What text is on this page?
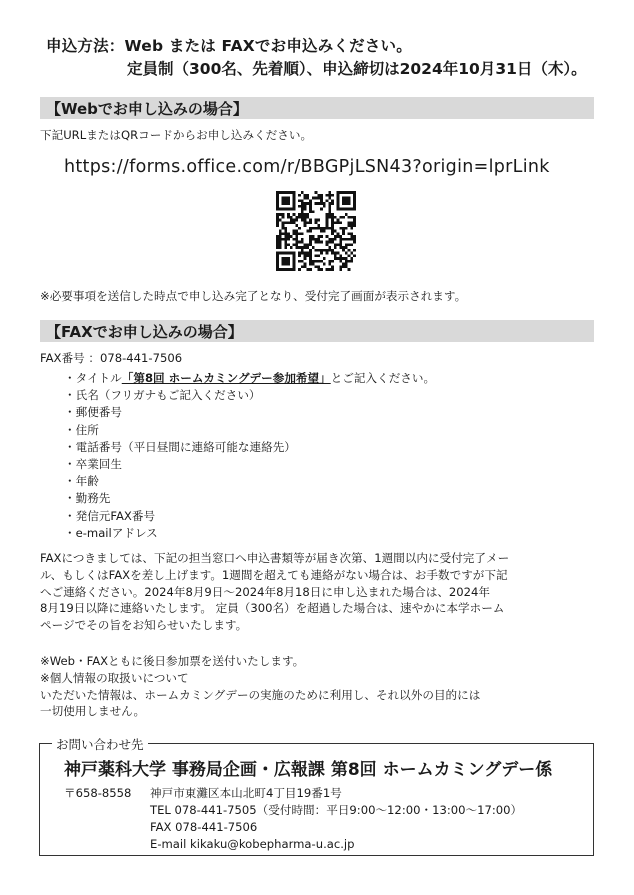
申込方法：Web または FAXでお申込みください。
定員制（300名、先着順）、申込締切は2024年10月31日（木）。
【Webでお申し込みの場合】
下記URLまたはQRコードからお申し込みください。
https://forms.office.com/r/BBGPjLSN43?origin=lprLink
※必要事項を送信した時点で申し込み完了となり、受付完了画面が表示されます。
【FAXでお申し込みの場合】
FAX番号 ：078-441-7506
・タイトル「第8回 ホームカミングデー参加希望」とご記入ください。
・氏名（フリガナもご記入ください）
・郵便番号
・住所
・電話番号（平日昼間に連絡可能な連絡先）
・卒業回生
・年齢
・勤務先
・発信元FAX番号
・e-mailアドレス
FAXにつきましては、下記の担当窓口へ申込書類等が届き次第、1週間以内に受付完了メー
ル、もしくはFAXを差し上げます。1週間を超えても連絡がない場合は、お手数ですが下記
へご連絡ください。2024年8月9日～2024年8月18日に申し込まれた場合は、2024年
8月19日以降に連絡いたします。 定員（300名）を超過した場合は、速やかに本学ホーム
ページでその旨をお知らせいたします。
※Web・FAXともに後日参加票を送付いたします。
※個人情報の取扱いについて
いただいた情報は、ホームカミングデーの実施のために利用し、それ以外の目的には
一切使用しません。
お問い合わせ先
神戸薬科大学 事務局企画・広報課 第8回 ホームカミングデー係
〒658-8558 神戸市東灘区本山北町4丁目19番1号
TEL 078-441-7505（受付時間：平日9:00～12:00・13:00～17:00）
FAX 078-441-7506
E-mail kikaku@kobepharma-u.ac.jp
